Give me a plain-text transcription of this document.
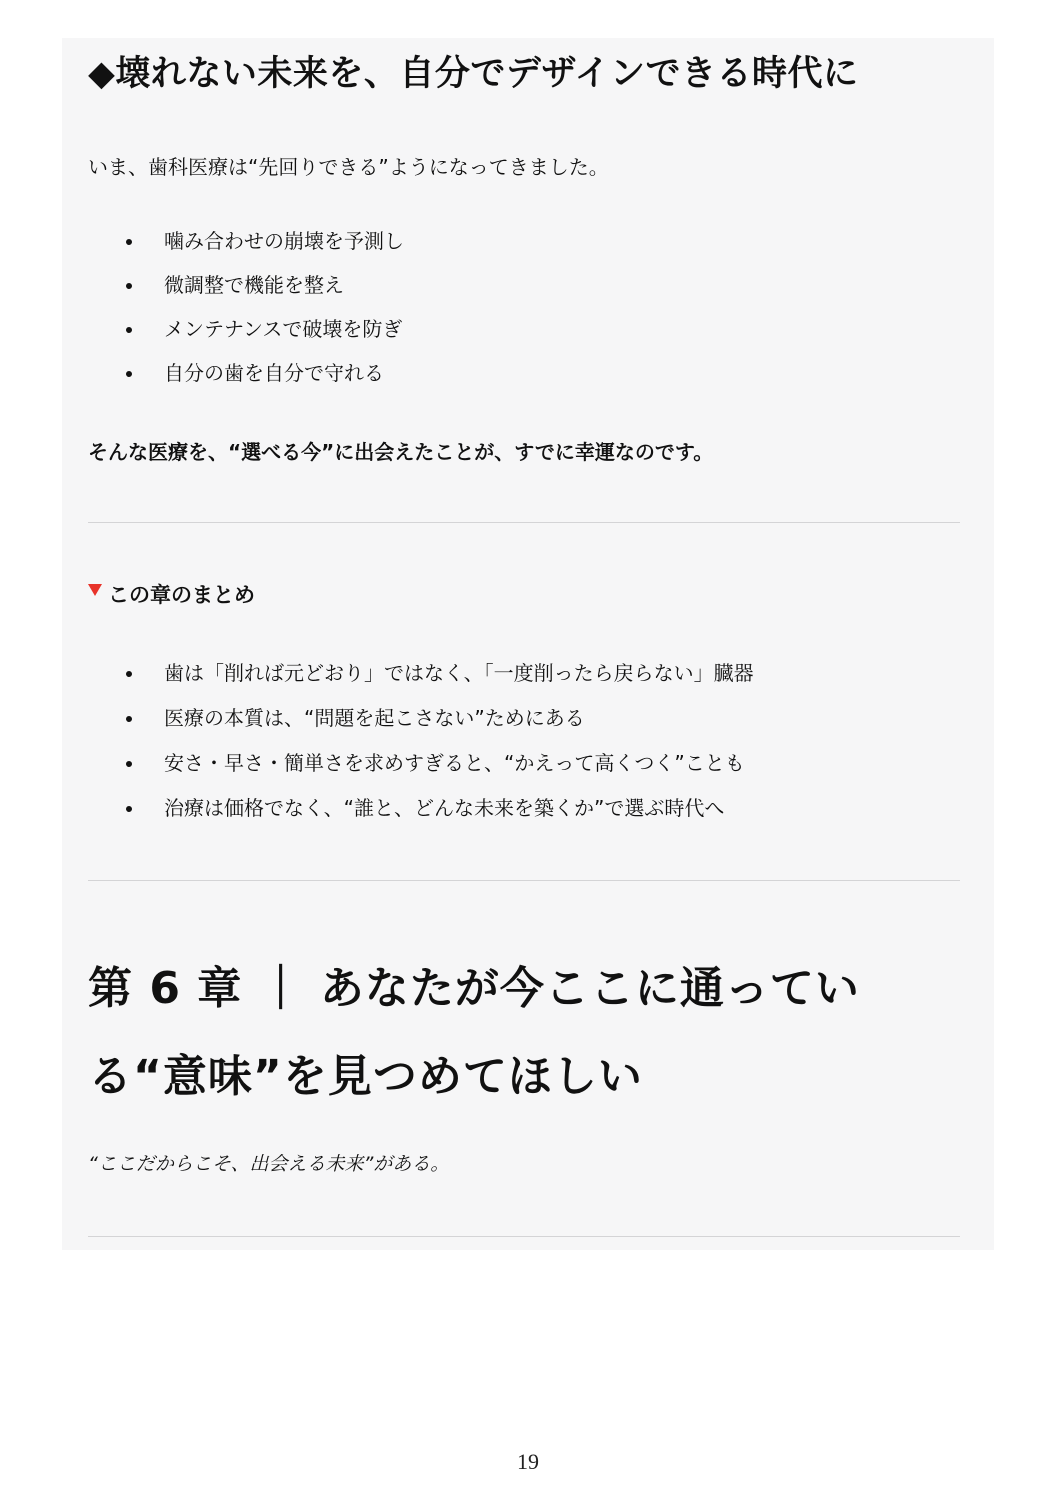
◆壊れない未来を、自分でデザインできる時代に
いま、歯科医療は“先回りできる”ようになってきました。
噛み合わせの崩壊を予測し
微調整で機能を整え
メンテナンスで破壊を防ぎ
自分の歯を自分で守れる
そんな医療を、“選べる今”に出会えたことが、すでに幸運なのです。
この章のまとめ
歯は「削れば元どおり」ではなく、「一度削ったら戻らない」臓器
医療の本質は、“問題を起こさない”ためにある
安さ・早さ・簡単さを求めすぎると、“かえって高くつく”ことも
治療は価格でなく、“誰と、どんな未来を築くか”で選ぶ時代へ
第 6 章 ｜ あなたが今ここに通っている“意味”を見つめてほしい
“ここだからこそ、出会える未来”がある。
19
